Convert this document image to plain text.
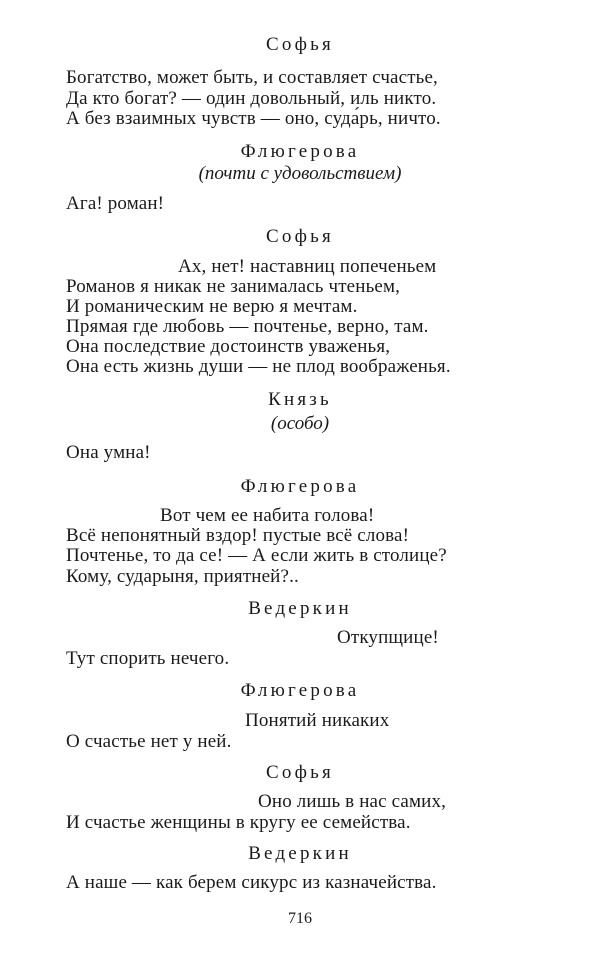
Софья
Богатство, может быть, и составляет счастье,
Да кто богат? — один довольный, иль никто.
А без взаимных чувств — оно, суда́рь, ничто.
Флюгерова
(почти с удовольствием)
Ага! роман!
Софья
Ах, нет! наставниц попеченьем
Романов я никак не занималась чтеньем,
И романическим не верю я мечтам.
Прямая где любовь — почтенье, верно, там.
Она последствие достоинств уваженья,
Она есть жизнь души — не плод воображенья.
Князь
(особо)
Она умна!
Флюгерова
Вот чем ее набита голова!
Всё непонятный вздор! пустые всё слова!
Почтенье, то да се! — А если жить в столице?
Кому, сударыня, приятней?..
Ведеркин
Откупщице!
Тут спорить нечего.
Флюгерова
Понятий никаких
О счастье нет у ней.
Софья
Оно лишь в нас самих,
И счастье женщины в кругу ее семейства.
Ведеркин
А наше — как берем сикурс из казначейства.
716
